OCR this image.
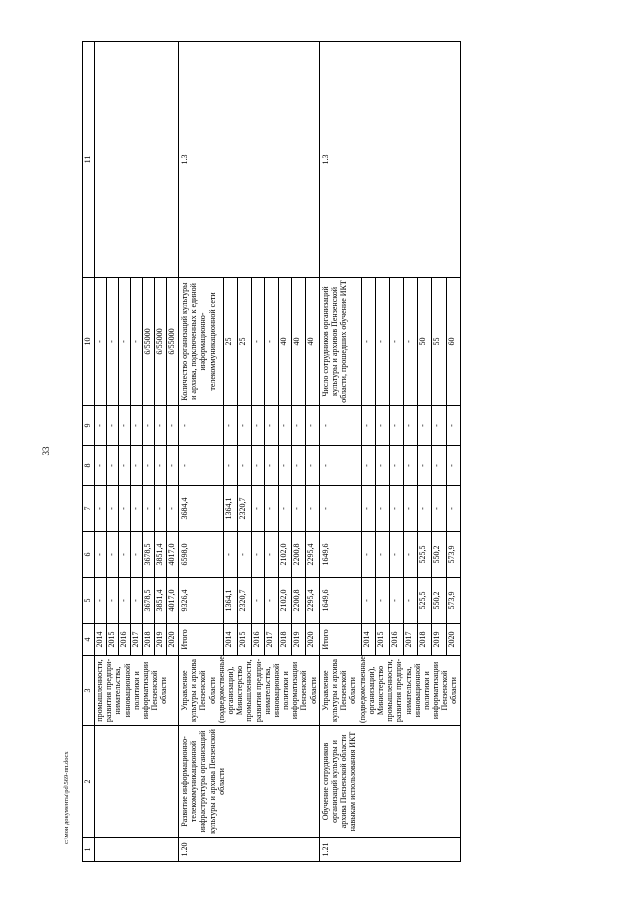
33
c:\мои документы\рd\569-пп.docx
1	2	3	4	5	6	7	8	9	10	11
		промышленности, развития предпри-нимательства, инновационной политики и информатизации Пензенской области	2014	-	-	-	-	-	-	
			2015	-	-	-	-	-	-	
			2016	-	-	-	-	-	-	
			2017	-	-	-	-	-	-	
			2018	3678,5	3678,5	-	-	-	6/55000	
			2019	3851,4	3851,4	-	-	-	6/55000	
			2020	4017,0	4017,0	-	-	-	6/55000	
1.20	Развитие информационно-телекоммуникационной инфраструктуры организаций культуры и архива Пензенской области	Управление культуры и архива Пензенской области (подведомственные организации), Министерство промышленности, развития предпри-нимательства, инновационной политики и информатизации Пензенской области	Итого	9326,4	6598,0	3684,4	-	-	Количество организаций культуры и архива, подключенных к единой информационно-телекоммуникационной сети	1.3
			2014	1364,1	-	1364,1	-	-	25	
			2015	2320,7	-	2320,7	-	-	25	
			2016	-	-	-	-	-	-	
			2017	-	-	-	-	-	-	
			2018	2102,0	2102,0	-	-	-	40	
			2019	2200,8	2200,8	-	-	-	40	
			2020	2295,4	2295,4	-	-	-	40	
1.21	Обучение сотрудников организаций культуры и архива Пензенской области навыкам использования ИКТ	Управление культуры и архива Пензенской области (подведомственные организации), Министерство промышленности, развития предпри-нимательства, инновационной политики и информатизации Пензенской области	Итого	1649,6	1649,6	-	-	-	Число сотрудников организаций культуры и архивов Пензенской области, прошедших обучение ИКТ	1.3
			2014	-	-	-	-	-	-	
			2015	-	-	-	-	-	-	
			2016	-	-	-	-	-	-	
			2017	-	-	-	-	-	-	
			2018	525,5	525,5	-	-	-	50	
			2019	550,2	550,2	-	-	-	55	
			2020	573,9	573,9	-	-	-	60	
